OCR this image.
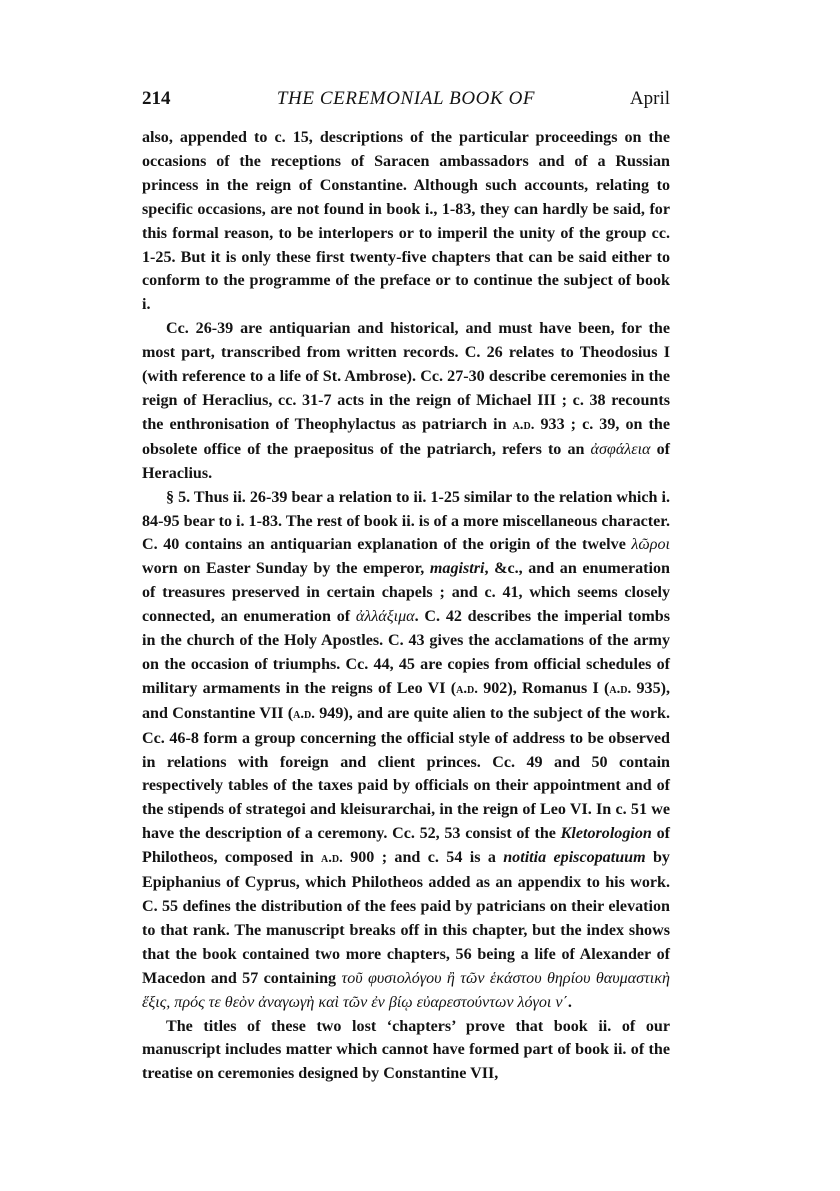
214	THE CEREMONIAL BOOK OF	April

also, appended to c. 15, descriptions of the particular proceedings on the occasions of the receptions of Saracen ambassadors and of a Russian princess in the reign of Constantine. Although such accounts, relating to specific occasions, are not found in book i., 1-83, they can hardly be said, for this formal reason, to be interlopers or to imperil the unity of the group cc. 1-25. But it is only these first twenty-five chapters that can be said either to conform to the programme of the preface or to continue the subject of book i.

Cc. 26-39 are antiquarian and historical, and must have been, for the most part, transcribed from written records. C. 26 relates to Theodosius I (with reference to a life of St. Ambrose). Cc. 27-30 describe ceremonies in the reign of Heraclius, cc. 31-7 acts in the reign of Michael III ; c. 38 recounts the enthronisation of Theophylactus as patriarch in a.d. 933 ; c. 39, on the obsolete office of the praepositus of the patriarch, refers to an ἀσφάλεια of Heraclius.

§ 5. Thus ii. 26-39 bear a relation to ii. 1-25 similar to the relation which i. 84-95 bear to i. 1-83. The rest of book ii. is of a more miscellaneous character. C. 40 contains an antiquarian explanation of the origin of the twelve λῶροι worn on Easter Sunday by the emperor, magistri, &c., and an enumeration of treasures preserved in certain chapels ; and c. 41, which seems closely connected, an enumeration of ἀλλάξιμα. C. 42 describes the imperial tombs in the church of the Holy Apostles. C. 43 gives the acclamations of the army on the occasion of triumphs. Cc. 44, 45 are copies from official schedules of military armaments in the reigns of Leo VI (a.d. 902), Romanus I (a.d. 935), and Constantine VII (a.d. 949), and are quite alien to the subject of the work. Cc. 46-8 form a group concerning the official style of address to be observed in relations with foreign and client princes. Cc. 49 and 50 contain respectively tables of the taxes paid by officials on their appointment and of the stipends of strategoi and kleisurarchai, in the reign of Leo VI. In c. 51 we have the description of a ceremony. Cc. 52, 53 consist of the Kletorologion of Philotheos, composed in a.d. 900 ; and c. 54 is a notitia episcopatuum by Epiphanius of Cyprus, which Philotheos added as an appendix to his work. C. 55 defines the distribution of the fees paid by patricians on their elevation to that rank. The manuscript breaks off in this chapter, but the index shows that the book contained two more chapters, 56 being a life of Alexander of Macedon and 57 containing τοῦ φυσιολόγου ἢ τῶν ἑκάστου θηρίου θαυμαστικὴ ἕξις, πρός τε θεὸν ἀναγωγὴ καὶ τῶν ἐν βίῳ εὐαρεστούντων λόγοι ν΄.

The titles of these two lost ‘chapters’ prove that book ii. of our manuscript includes matter which cannot have formed part of book ii. of the treatise on ceremonies designed by Constantine VII,
